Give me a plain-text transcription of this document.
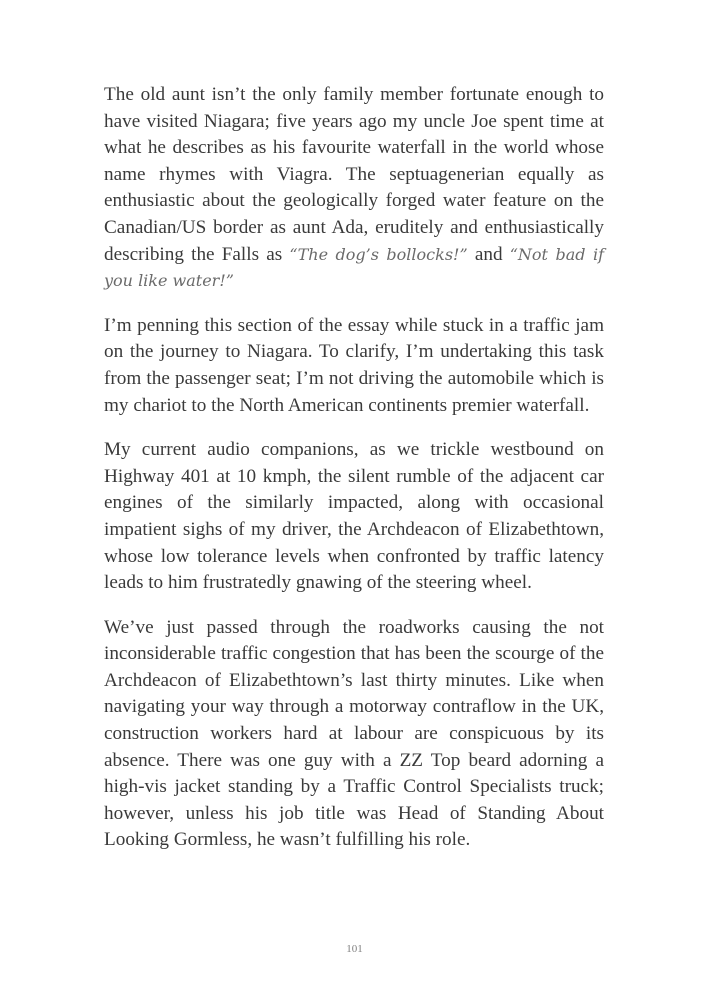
The old aunt isn’t the only family member fortunate enough to have visited Niagara; five years ago my uncle Joe spent time at what he describes as his favourite waterfall in the world whose name rhymes with Viagra. The septuagenerian equally as enthusiastic about the geologically forged water feature on the Canadian/US border as aunt Ada, eruditely and enthusiastically describing the Falls as “The dog’s bollocks!” and “Not bad if you like water!”

I’m penning this section of the essay while stuck in a traffic jam on the journey to Niagara. To clarify, I’m undertaking this task from the passenger seat; I’m not driving the automobile which is my chariot to the North American continents premier waterfall.

My current audio companions, as we trickle westbound on Highway 401 at 10 kmph, the silent rumble of the adjacent car engines of the similarly impacted, along with occasional impatient sighs of my driver, the Archdeacon of Elizabethtown, whose low tolerance levels when confronted by traffic latency leads to him frustratedly gnawing of the steering wheel.

We’ve just passed through the roadworks causing the not inconsiderable traffic congestion that has been the scourge of the Archdeacon of Elizabethtown’s last thirty minutes. Like when navigating your way through a motorway contraflow in the UK, construction workers hard at labour are conspicuous by its absence. There was one guy with a ZZ Top beard adorning a high-vis jacket standing by a Traffic Control Specialists truck; however, unless his job title was Head of Standing About Looking Gormless, he wasn’t fulfilling his role.

101
